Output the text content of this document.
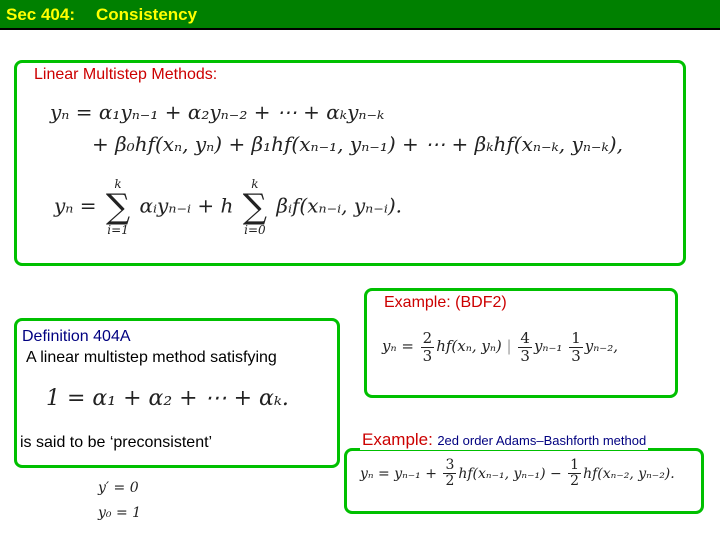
Sec 404: Consistency
Linear Multistep Methods:
yₙ = α₁yₙ₋₁ + α₂yₙ₋₂ + ⋯ + αₖyₙ₋ₖ
+ β₀hf(xₙ, yₙ) + β₁hf(xₙ₋₁, yₙ₋₁) + ⋯ + βₖhf(xₙ₋ₖ, yₙ₋ₖ),
yₙ =
k
∑
i=1
αᵢyₙ₋ᵢ + h
k
∑
i=0
βᵢf(xₙ₋ᵢ, yₙ₋ᵢ).
Definition 404A
A linear multistep method satisfying
1 = α₁ + α₂ + ⋯ + αₖ.
is said to be ‘preconsistent’
y′ = 0
y₀ = 1
Example: (BDF2)
$y_n = \frac{2}{3} hf(x_n$, yₙ) | $\frac{4}{3} y_{n-1} \frac{1}{3} y_{n-2}$,
Example: 2ed order Adams–Bashforth method
$y_n = y_{n-1} + \frac{3}{2} hf(x_{n-1}$, $y_{n-1}) - \frac{1}{2} hf(x_{n-2}$, yₙ₋₂).
